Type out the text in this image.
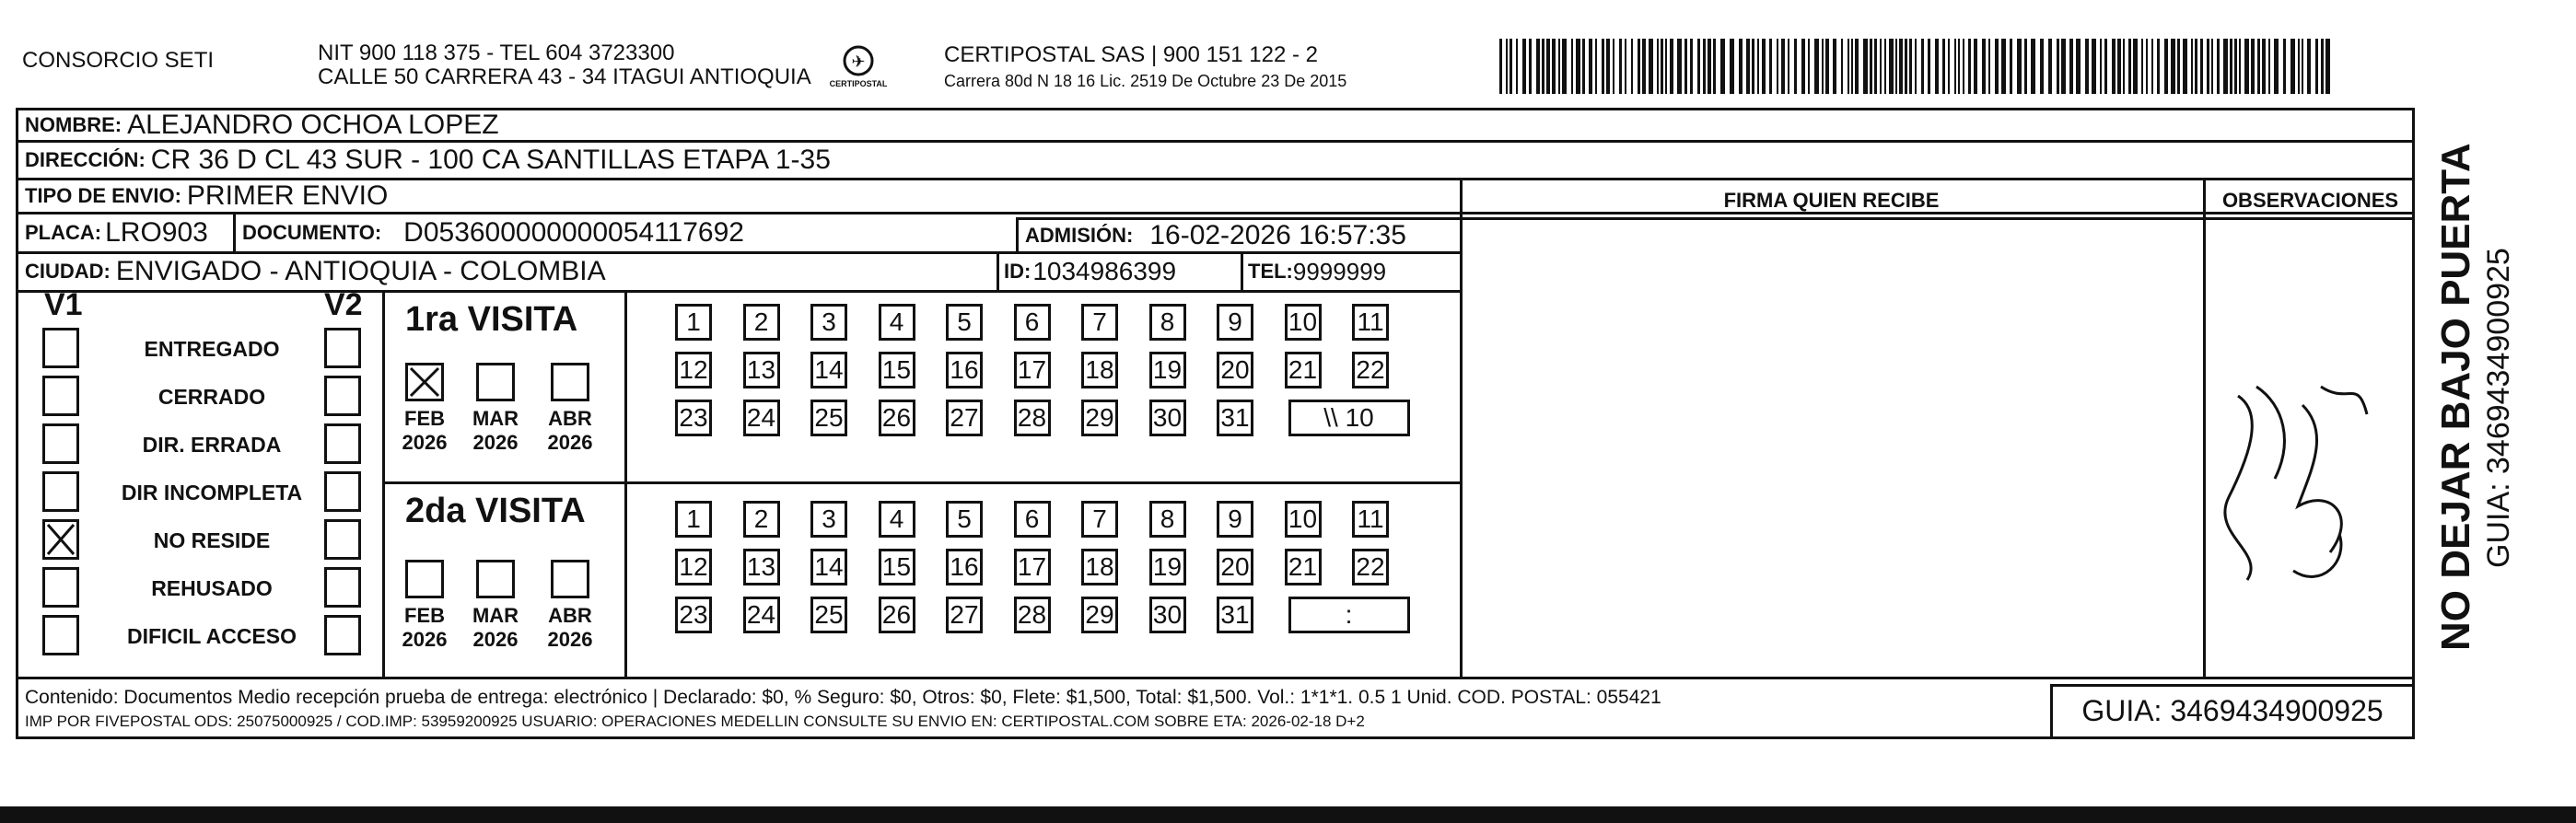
CONSORCIO SETI	NIT 900 118 375 - TEL 604 3723300
CALLE 50 CARRERA 43 - 34 ITAGUI ANTIOQUIA
✈
CERTIPOSTAL
CERTIPOSTAL SAS | 900 151 122 - 2
Carrera 80d N 18 16 Lic. 2519 De Octubre 23 De 2015
NOMBRE: ALEJANDRO OCHOA LOPEZ
DIRECCIÓN: CR 36 D CL 43 SUR - 100 CA SANTILLAS ETAPA 1-35
TIPO DE ENVIO: PRIMER ENVIO
PLACA: LRO903 DOCUMENTO: D053600000000054117692	ADMISIÓN: 16-02-2026 16:57:35
CIUDAD: ENVIGADO - ANTIOQUIA - COLOMBIA	ID: 1034986399	TEL: 9999999
FIRMA QUIEN RECIBE	OBSERVACIONES
V1	V2
ENTREGADO
CERRADO
DIR. ERRADA
DIR INCOMPLETA
NO RESIDE
REHUSADO
DIFICIL ACCESO
1ra VISITA
2da VISITA
FEB
2026
MAR
2026
ABR
2026
FEB
2026
MAR
2026
ABR
2026
1	2	3	4	5	6	7	8	9	10 11
12 13 14 15 16 17 18 19 20 21 22
23 24 25 26 27 28 29 30 31	\\ 10
1	2	3	4	5	6	7	8	9	10 11
12 13 14 15 16 17 18 19 20 21 22
23 24 25 26 27 28 29 30 31	:
Contenido: Documentos Medio recepción prueba de entrega: electrónico | Declarado: $0, % Seguro: $0, Otros: $0, Flete: $1,500, Total: $1,500. Vol.: 1*1*1. 0.5 1 Unid. COD. POSTAL: 055421
IMP POR FIVEPOSTAL ODS: 25075000925 / COD.IMP: 53959200925 USUARIO: OPERACIONES MEDELLIN CONSULTE SU ENVIO EN: CERTIPOSTAL.COM SOBRE ETA: 2026-02-18 D+2	GUIA: 3469434900925
NO DEJAR BAJO PUERTA GUIA: 3469434900925
